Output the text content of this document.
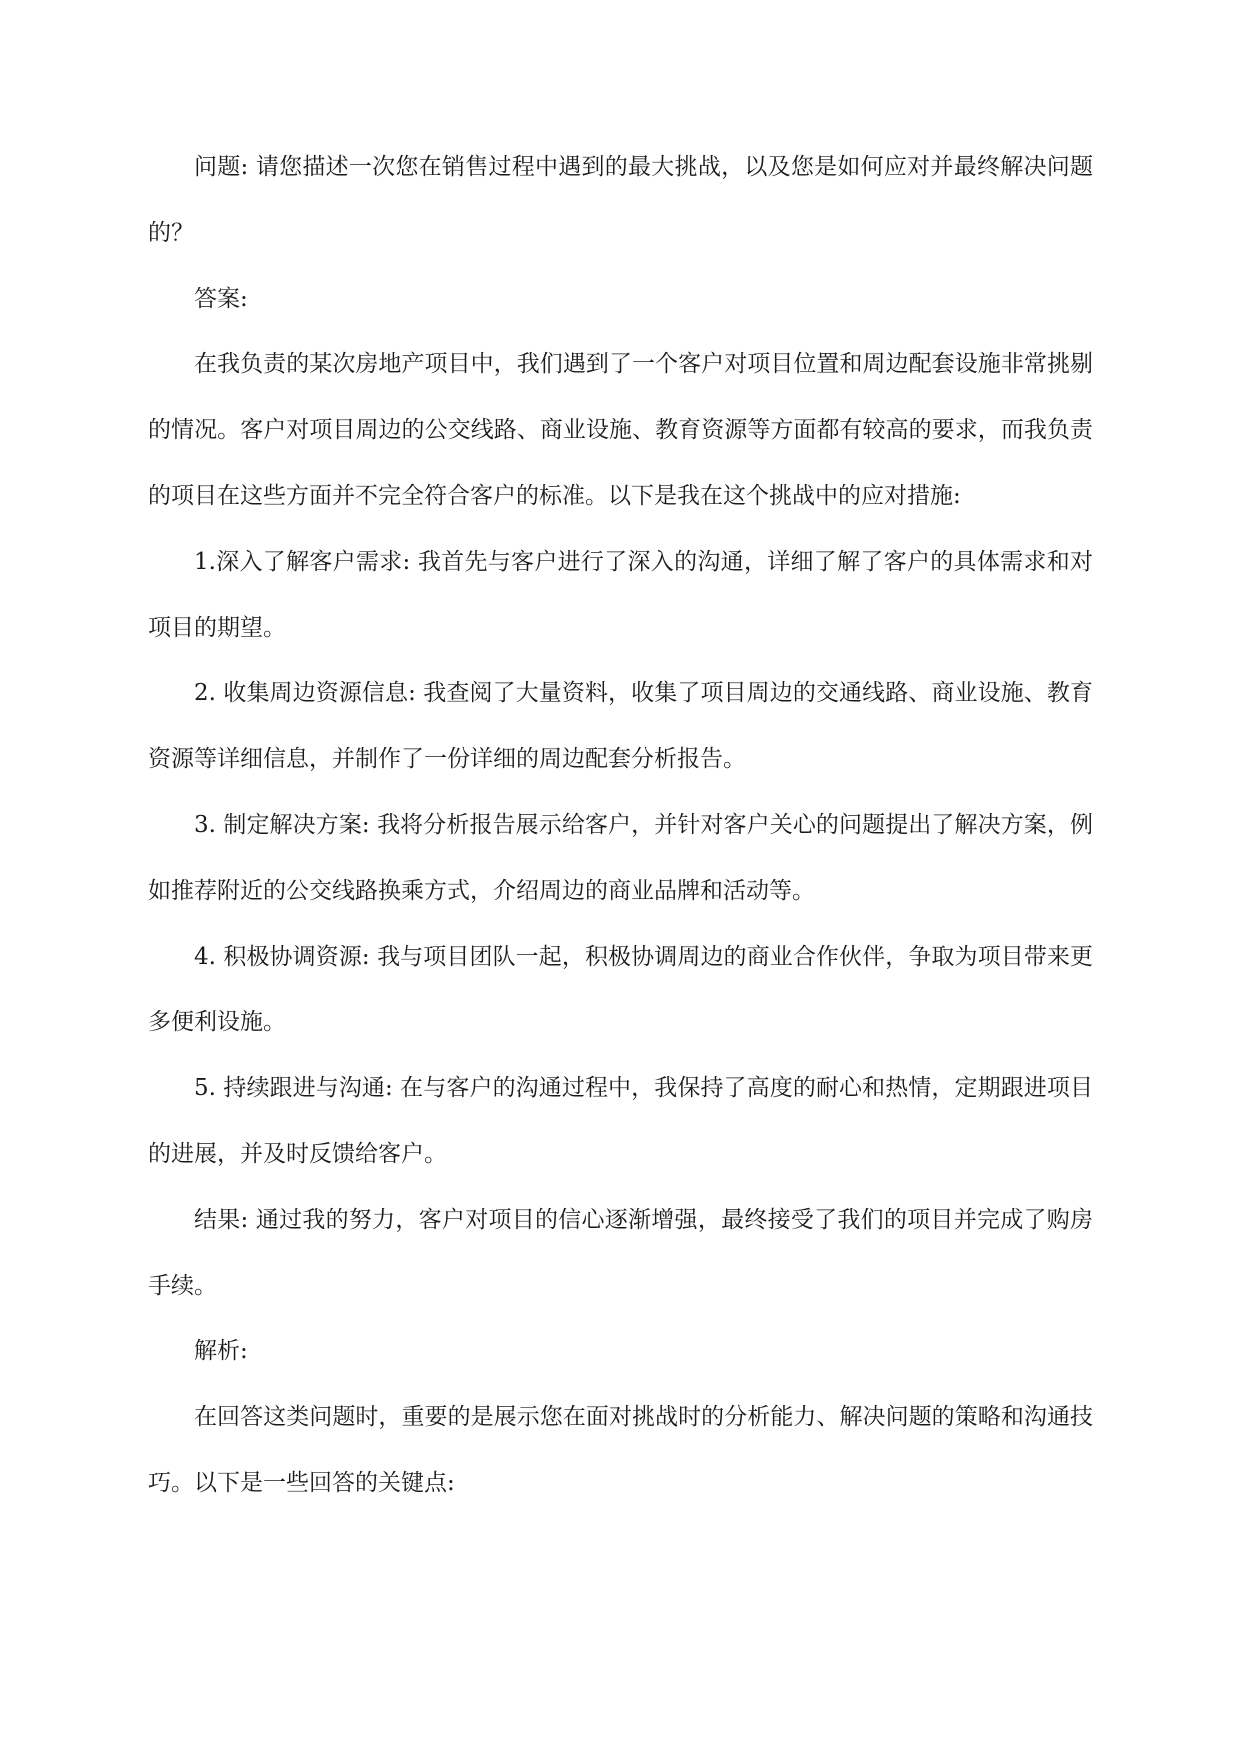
问题: 请您描述一次您在销售过程中遇到的最大挑战，以及您是如何应对并最终解决问题的？

答案:

在我负责的某次房地产项目中，我们遇到了一个客户对项目位置和周边配套设施非常挑剔的情况。客户对项目周边的公交线路、商业设施、教育资源等方面都有较高的要求，而我负责的项目在这些方面并不完全符合客户的标准。以下是我在这个挑战中的应对措施:

1.深入了解客户需求: 我首先与客户进行了深入的沟通，详细了解了客户的具体需求和对项目的期望。

2. 收集周边资源信息: 我查阅了大量资料，收集了项目周边的交通线路、商业设施、教育资源等详细信息，并制作了一份详细的周边配套分析报告。

3. 制定解决方案: 我将分析报告展示给客户，并针对客户关心的问题提出了解决方案，例如推荐附近的公交线路换乘方式，介绍周边的商业品牌和活动等。

4. 积极协调资源: 我与项目团队一起，积极协调周边的商业合作伙伴，争取为项目带来更多便利设施。

5. 持续跟进与沟通: 在与客户的沟通过程中，我保持了高度的耐心和热情，定期跟进项目的进展，并及时反馈给客户。

结果: 通过我的努力，客户对项目的信心逐渐增强，最终接受了我们的项目并完成了购房手续。

解析:

在回答这类问题时，重要的是展示您在面对挑战时的分析能力、解决问题的策略和沟通技巧。以下是一些回答的关键点:
